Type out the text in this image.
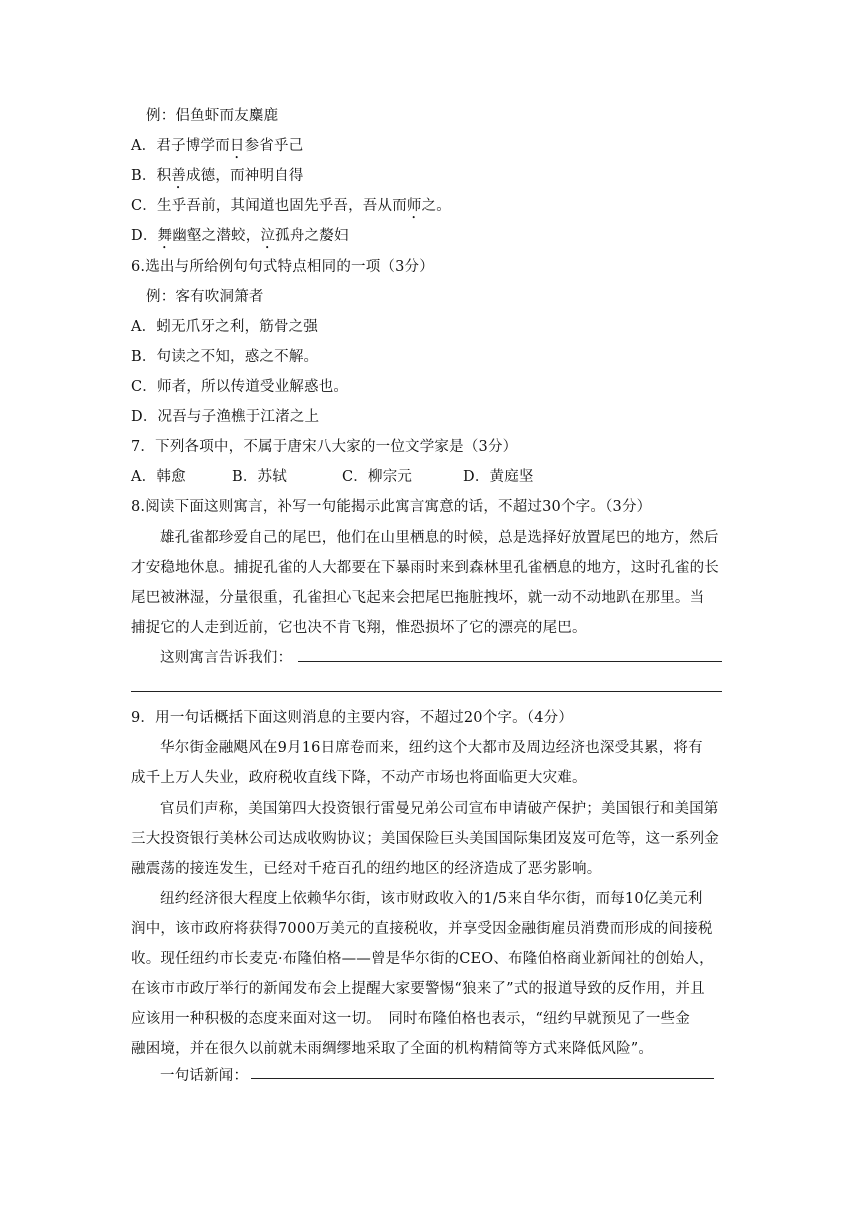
例：侣鱼虾而友麋鹿
A．君子博学而日参省乎己
B．积善成德，而神明自得
C．生乎吾前，其闻道也固先乎吾，吾从而师之。
D．舞幽壑之潜蛟，泣孤舟之嫠妇
6.选出与所给例句句式特点相同的一项（3分）
例：客有吹洞箫者
A．蚓无爪牙之利，筋骨之强
B．句读之不知，惑之不解。
C．师者，所以传道受业解惑也。
D．况吾与子渔樵于江渚之上
7．下列各项中，不属于唐宋八大家的一位文学家是（3分）
A．韩愈	B．苏轼	C．柳宗元	D．黄庭坚
8.阅读下面这则寓言，补写一句能揭示此寓言寓意的话，不超过30个字。（3分）
雄孔雀都珍爱自己的尾巴，他们在山里栖息的时候，总是选择好放置尾巴的地方，然后
才安稳地休息。捕捉孔雀的人大都要在下暴雨时来到森林里孔雀栖息的地方，这时孔雀的长
尾巴被淋湿，分量很重，孔雀担心飞起来会把尾巴拖脏拽坏，就一动不动地趴在那里。当
捕捉它的人走到近前，它也决不肯飞翔，惟恐损坏了它的漂亮的尾巴。
这则寓言告诉我们：
9．用一句话概括下面这则消息的主要内容，不超过20个字。（4分）
华尔街金融飓风在9月16日席卷而来，纽约这个大都市及周边经济也深受其累，将有
成千上万人失业，政府税收直线下降，不动产市场也将面临更大灾难。
官员们声称，美国第四大投资银行雷曼兄弟公司宣布申请破产保护；美国银行和美国第
三大投资银行美林公司达成收购协议；美国保险巨头美国国际集团岌岌可危等，这一系列金
融震荡的接连发生，已经对千疮百孔的纽约地区的经济造成了恶劣影响。
纽约经济很大程度上依赖华尔街，该市财政收入的1/5来自华尔街，而每10亿美元利
润中，该市政府将获得7000万美元的直接税收，并享受因金融街雇员消费而形成的间接税
收。现任纽约市长麦克·布隆伯格——曾是华尔街的CEO、布隆伯格商业新闻社的创始人，
在该市市政厅举行的新闻发布会上提醒大家要警惕“狼来了”式的报道导致的反作用，并且
应该用一种积极的态度来面对这一切。　同时布隆伯格也表示，“纽约早就预见了一些金
融困境，并在很久以前就未雨绸缪地采取了全面的机构精简等方式来降低风险”。
一句话新闻：
